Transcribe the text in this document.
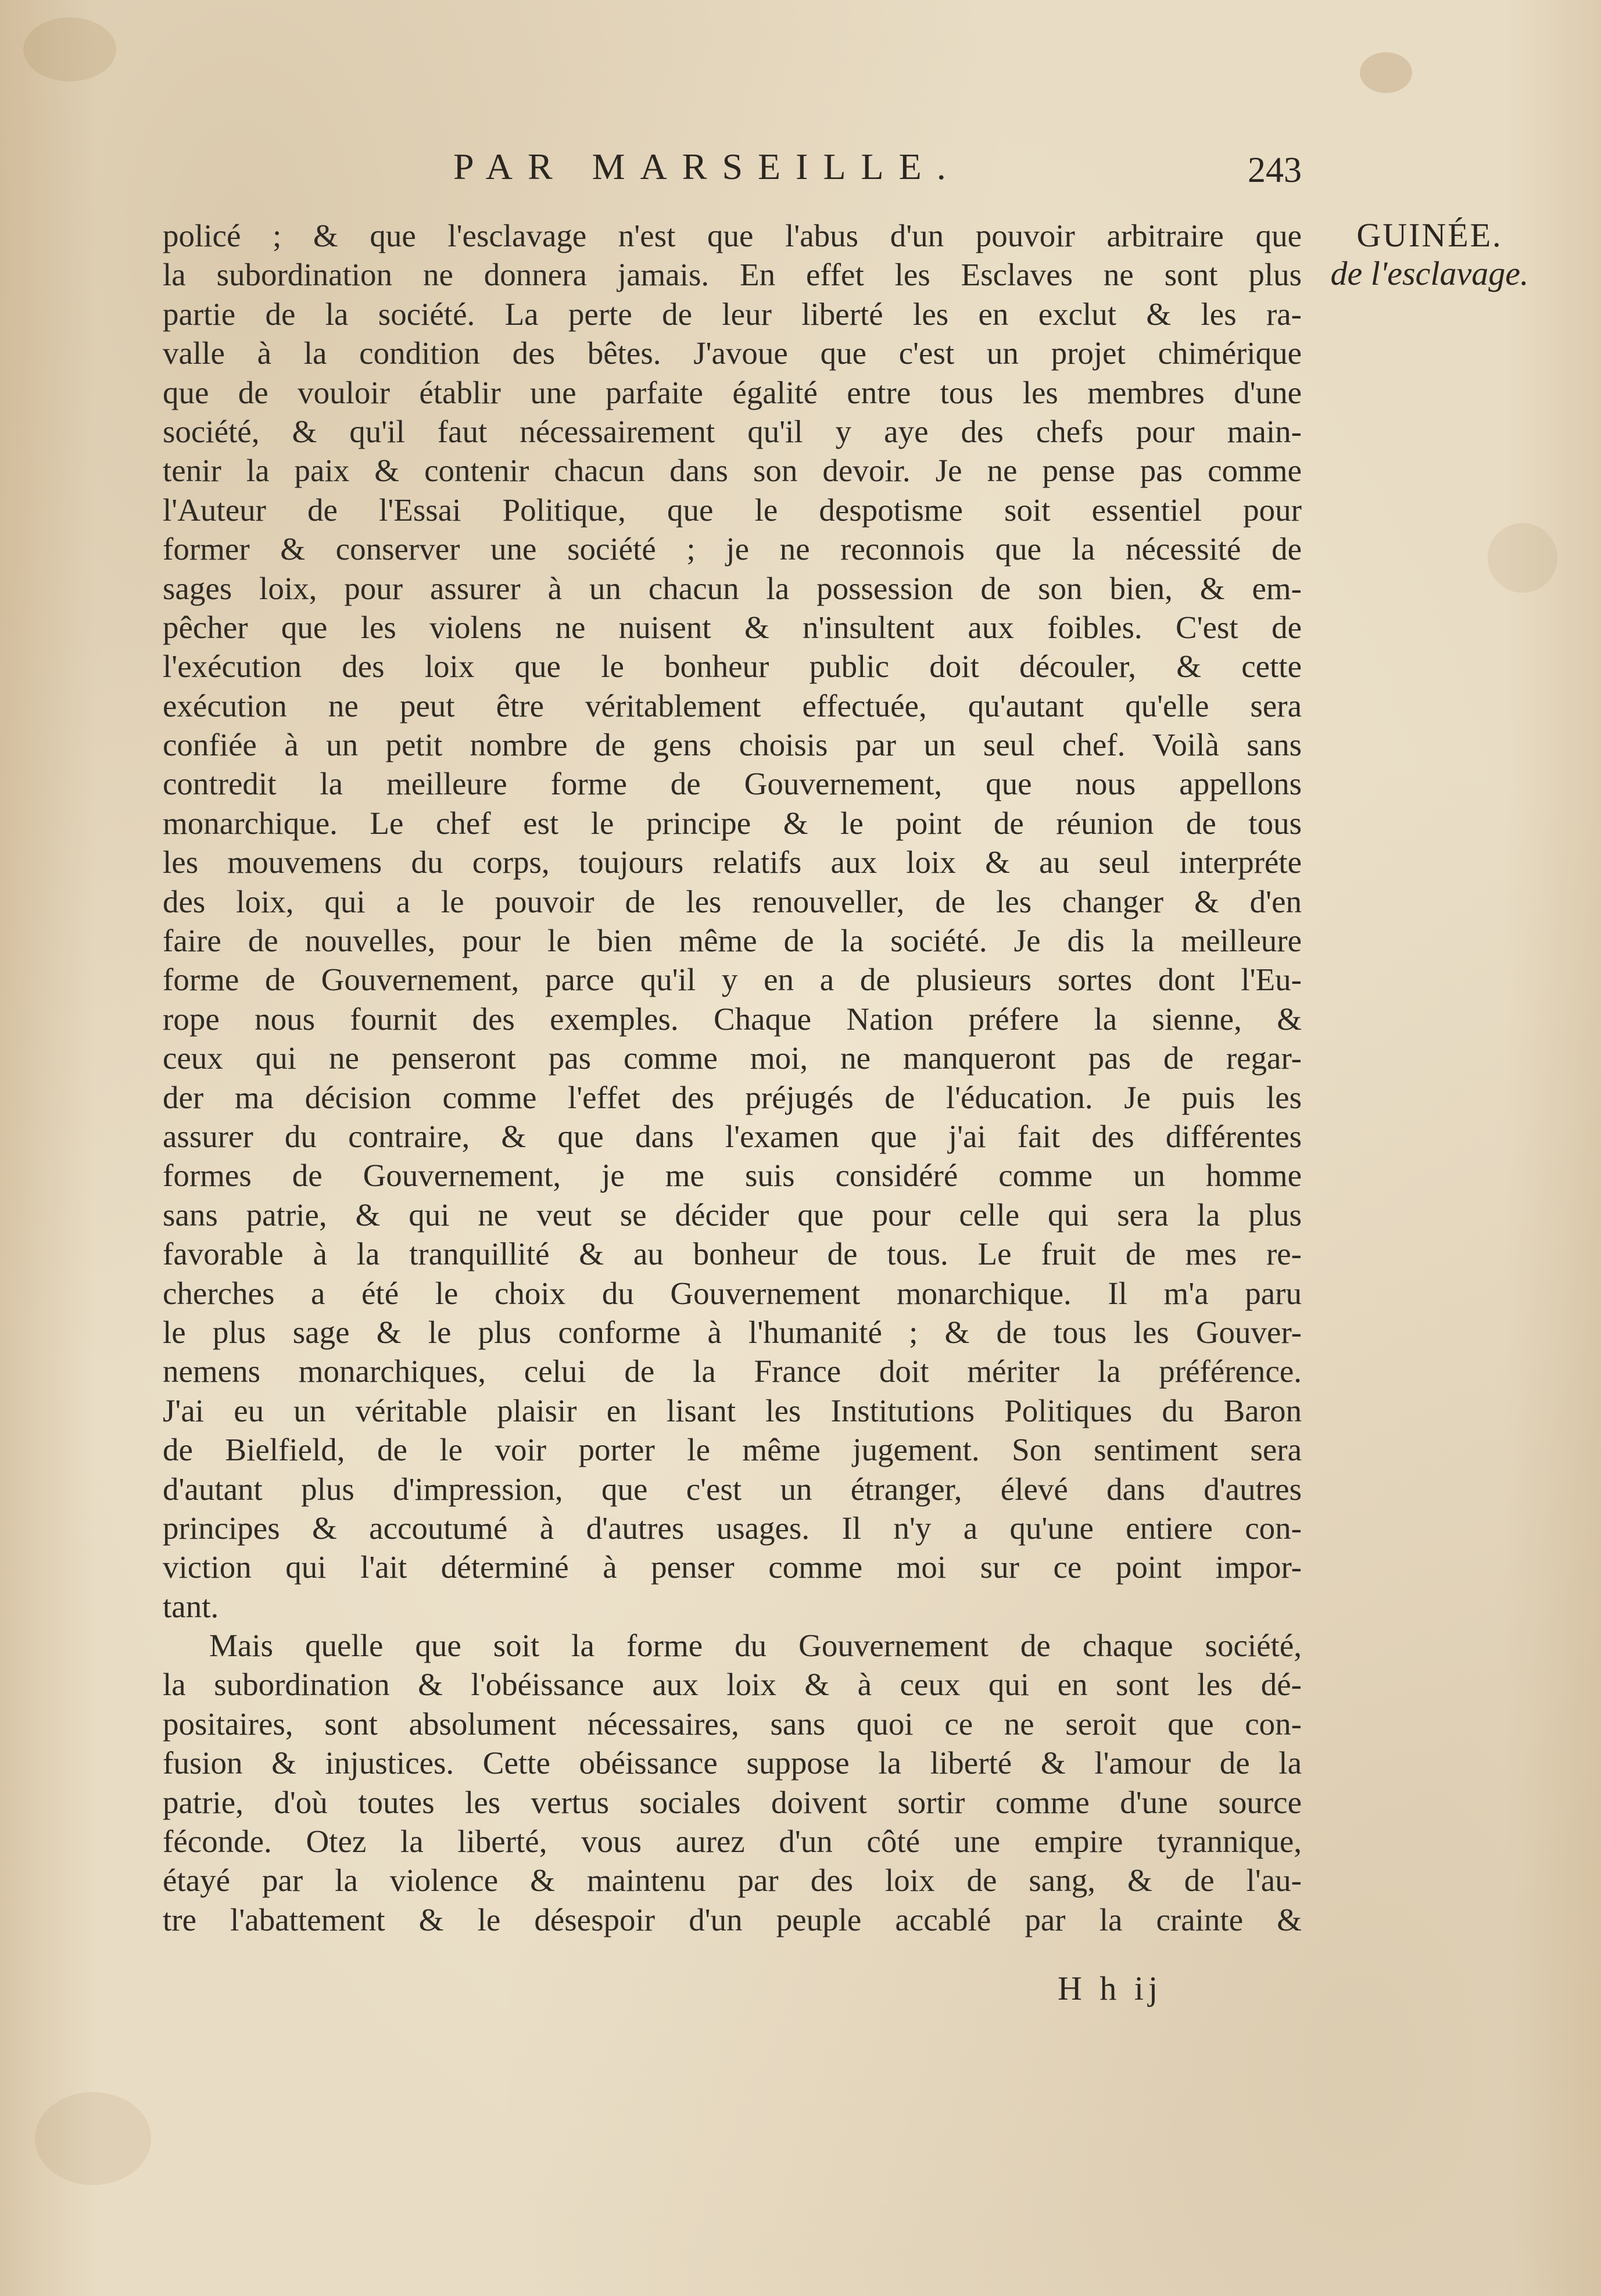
PAR MARSEILLE.	243
GUINÉE.
de l'esclavage.
policé ; & que l'esclavage n'est que l'abus d'un pouvoir arbitraire que
la subordination ne donnera jamais. En effet les Esclaves ne sont plus
partie de la société. La perte de leur liberté les en exclut & les ra-
valle à la condition des bêtes. J'avoue que c'est un projet chimérique
que de vouloir établir une parfaite égalité entre tous les membres d'une
société, & qu'il faut nécessairement qu'il y aye des chefs pour main-
tenir la paix & contenir chacun dans son devoir. Je ne pense pas comme
l'Auteur de l'Essai Politique, que le despotisme soit essentiel pour
former & conserver une société ; je ne reconnois que la nécessité de
sages loix, pour assurer à un chacun la possession de son bien, & em-
pêcher que les violens ne nuisent & n'insultent aux foibles. C'est de
l'exécution des loix que le bonheur public doit découler, & cette
exécution ne peut être véritablement effectuée, qu'autant qu'elle sera
confiée à un petit nombre de gens choisis par un seul chef. Voilà sans
contredit la meilleure forme de Gouvernement, que nous appellons
monarchique. Le chef est le principe & le point de réunion de tous
les mouvemens du corps, toujours relatifs aux loix & au seul interpréte
des loix, qui a le pouvoir de les renouveller, de les changer & d'en
faire de nouvelles, pour le bien même de la société. Je dis la meilleure
forme de Gouvernement, parce qu'il y en a de plusieurs sortes dont l'Eu-
rope nous fournit des exemples. Chaque Nation préfere la sienne, &
ceux qui ne penseront pas comme moi, ne manqueront pas de regar-
der ma décision comme l'effet des préjugés de l'éducation. Je puis les
assurer du contraire, & que dans l'examen que j'ai fait des différentes
formes de Gouvernement, je me suis considéré comme un homme
sans patrie, & qui ne veut se décider que pour celle qui sera la plus
favorable à la tranquillité & au bonheur de tous. Le fruit de mes re-
cherches a été le choix du Gouvernement monarchique. Il m'a paru
le plus sage & le plus conforme à l'humanité ; & de tous les Gouver-
nemens monarchiques, celui de la France doit mériter la préférence.
J'ai eu un véritable plaisir en lisant les Institutions Politiques du Baron
de Bielfield, de le voir porter le même jugement. Son sentiment sera
d'autant plus d'impression, que c'est un étranger, élevé dans d'autres
principes & accoutumé à d'autres usages. Il n'y a qu'une entiere con-
viction qui l'ait déterminé à penser comme moi sur ce point impor-
tant.
Mais quelle que soit la forme du Gouvernement de chaque société,
la subordination & l'obéissance aux loix & à ceux qui en sont les dé-
positaires, sont absolument nécessaires, sans quoi ce ne seroit que con-
fusion & injustices. Cette obéissance suppose la liberté & l'amour de la
patrie, d'où toutes les vertus sociales doivent sortir comme d'une source
féconde. Otez la liberté, vous aurez d'un côté une empire tyrannique,
étayé par la violence & maintenu par des loix de sang, & de l'au-
tre l'abattement & le désespoir d'un peuple accablé par la crainte &
H h ij
